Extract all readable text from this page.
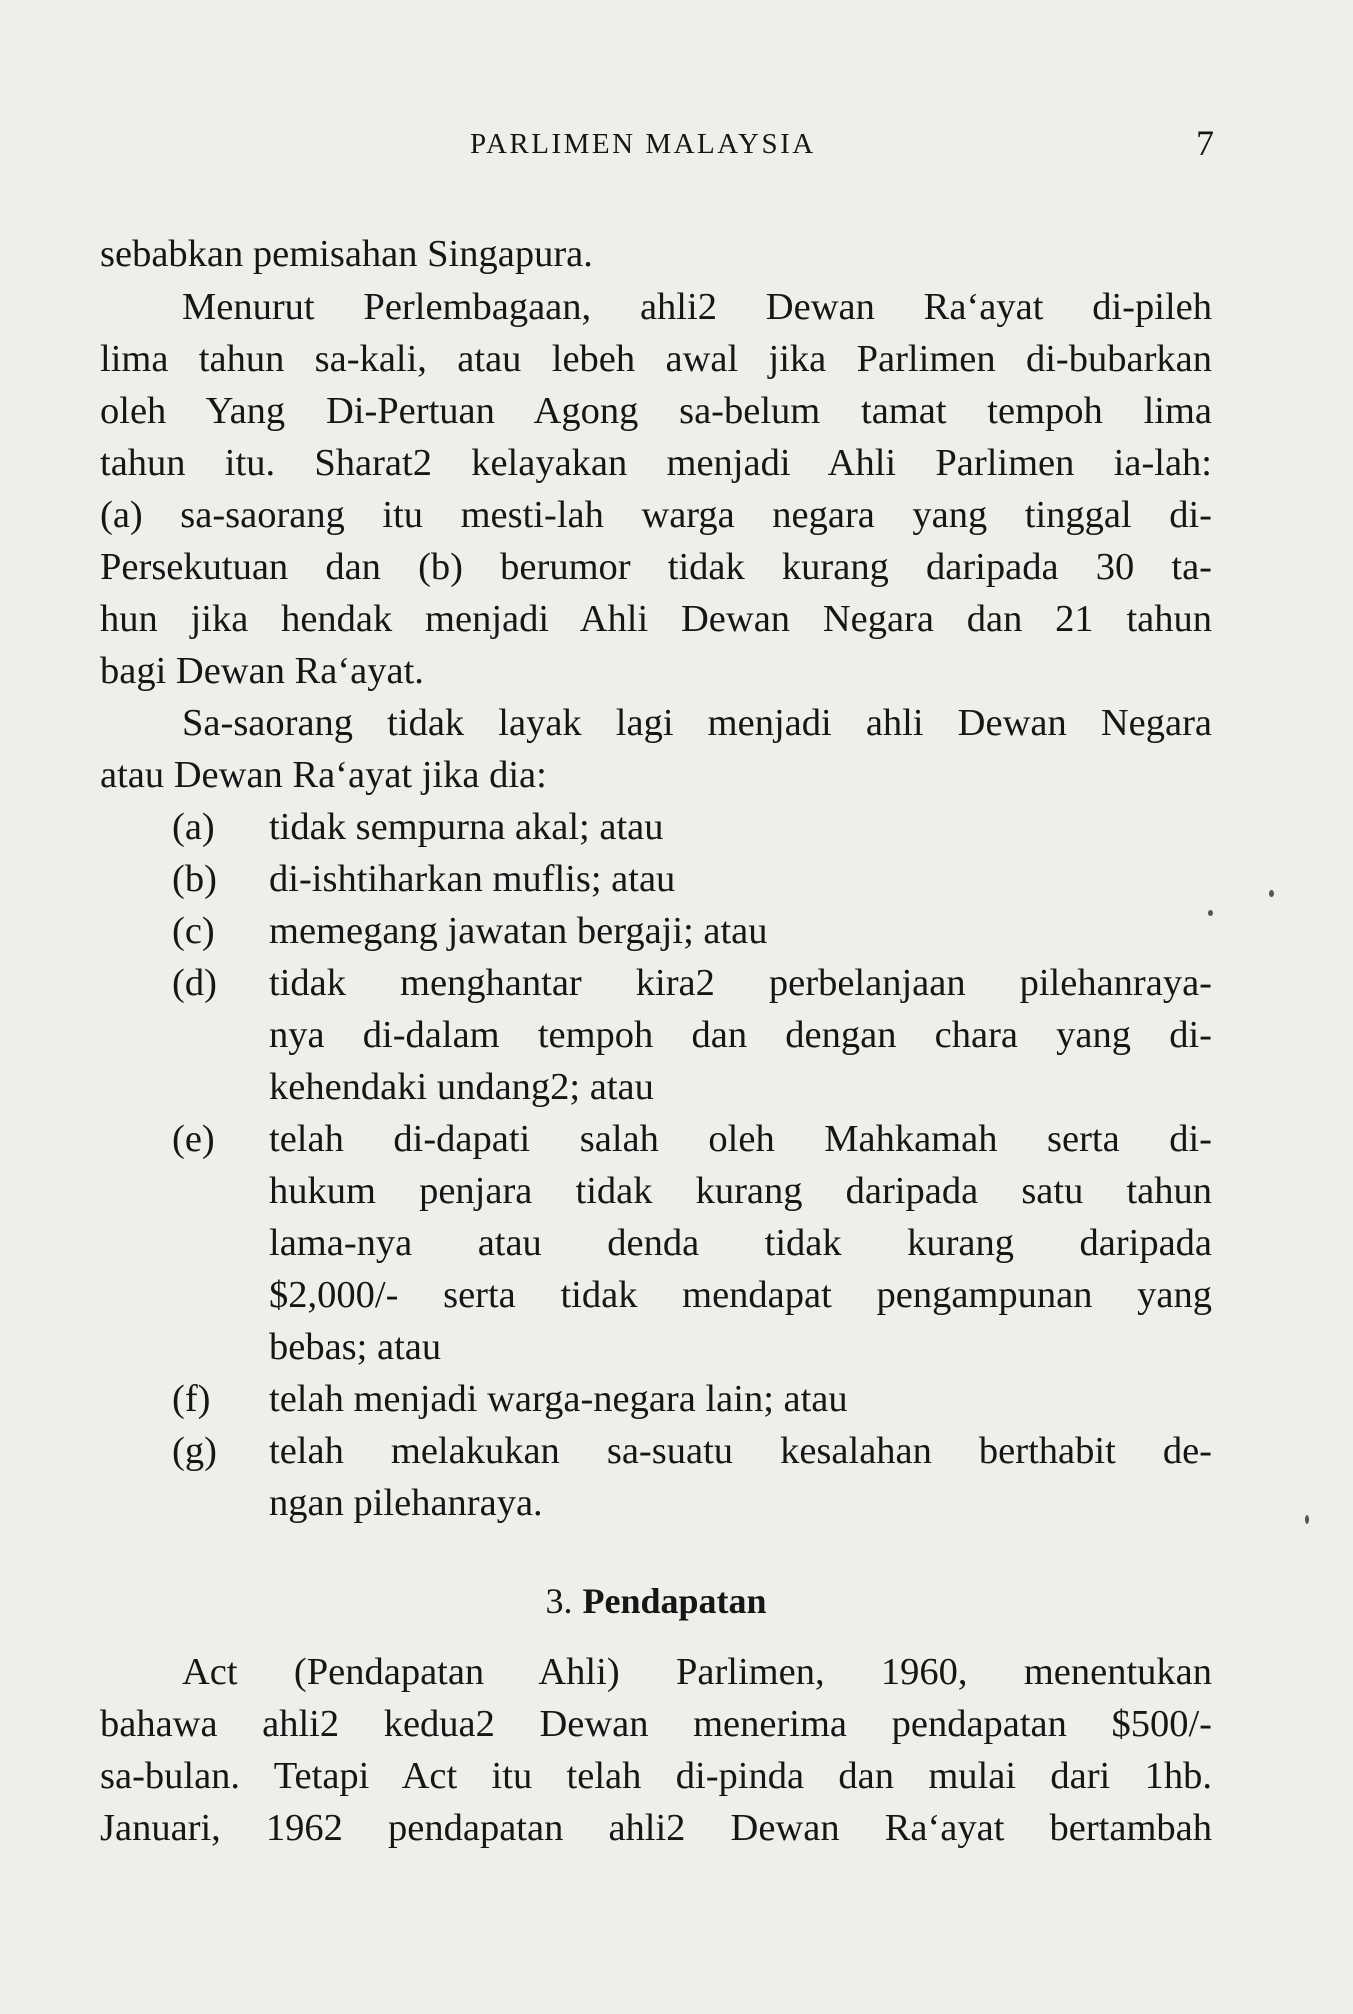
PARLIMEN MALAYSIA	7
sebabkan pemisahan Singapura.
Menurut Perlembagaan, ahli2 Dewan Ra‘ayat di-pileh
lima tahun sa-kali, atau lebeh awal jika Parlimen di-bubarkan
oleh Yang Di-Pertuan Agong sa-belum tamat tempoh lima
tahun itu. Sharat2 kelayakan menjadi Ahli Parlimen ia-lah:
(a) sa-saorang itu mesti-lah warga negara yang tinggal di-
Persekutuan dan (b) berumor tidak kurang daripada 30 ta-
hun jika hendak menjadi Ahli Dewan Negara dan 21 tahun
bagi Dewan Ra‘ayat.
Sa-saorang tidak layak lagi menjadi ahli Dewan Negara
atau Dewan Ra‘ayat jika dia:
(a) tidak sempurna akal; atau
(b) di-ishtiharkan muflis; atau
(c) memegang jawatan bergaji; atau
(d) tidak menghantar kira2 perbelanjaan pilehanraya-
nya di-dalam tempoh dan dengan chara yang di-
kehendaki undang2; atau
(e) telah di-dapati salah oleh Mahkamah serta di-
hukum penjara tidak kurang daripada satu tahun
lama-nya atau denda tidak kurang daripada
$2,000/- serta tidak mendapat pengampunan yang
bebas; atau
(f) telah menjadi warga-negara lain; atau
(g) telah melakukan sa-suatu kesalahan berthabit de-
ngan pilehanraya.
3. Pendapatan
Act (Pendapatan Ahli) Parlimen, 1960, menentukan
bahawa ahli2 kedua2 Dewan menerima pendapatan $500/-
sa-bulan. Tetapi Act itu telah di-pinda dan mulai dari 1hb.
Januari, 1962 pendapatan ahli2 Dewan Ra‘ayat bertambah
